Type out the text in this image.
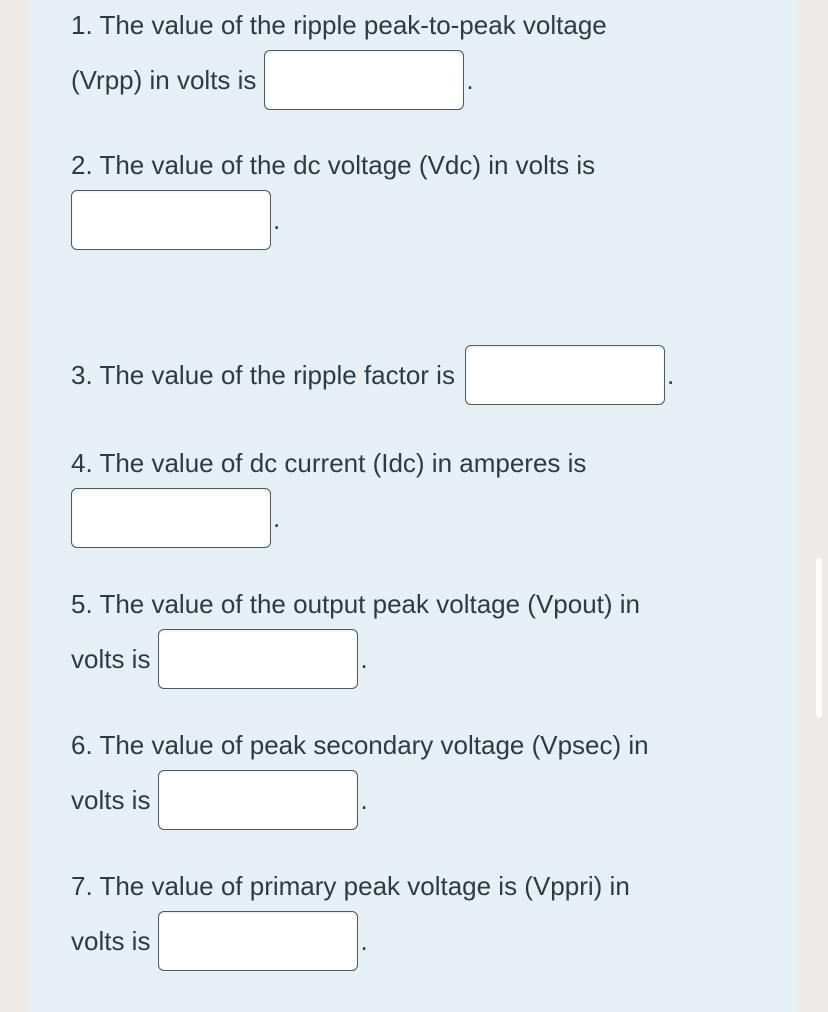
1. The value of the ripple peak-to-peak voltage
(Vrpp) in volts is	.
2. The value of the dc voltage (Vdc) in volts is
.
3. The value of the ripple factor is	.
4. The value of dc current (Idc) in amperes is
.
5. The value of the output peak voltage (Vpout) in
volts is	.
6. The value of peak secondary voltage (Vpsec) in
volts is	.
7. The value of primary peak voltage is (Vppri) in
volts is	.
